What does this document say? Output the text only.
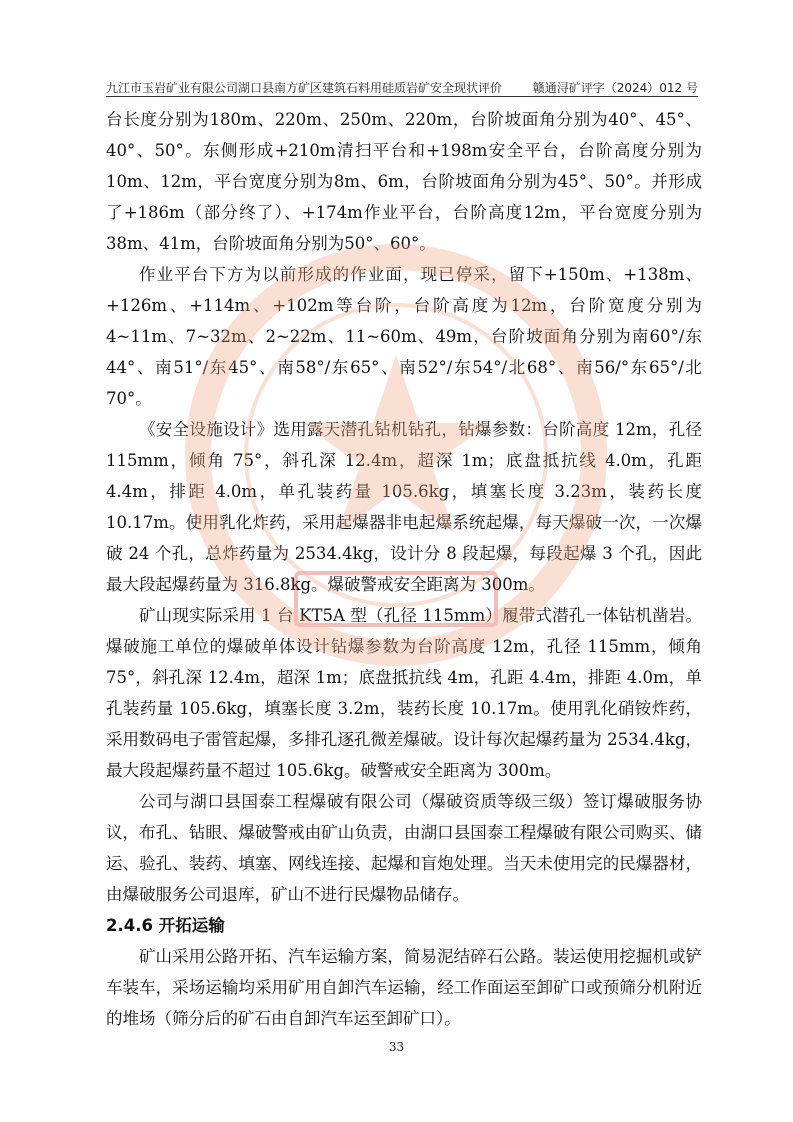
九江市玉岩矿业有限公司湖口县南方矿区建筑石料用硅质岩矿安全现状评价	赣通浔矿评字（2024）012 号

台长度分别为180m、220m、250m、220m，台阶坡面角分别为40°、45°、40°、50°。东侧形成+210m清扫平台和+198m安全平台，台阶高度分别为10m、12m，平台宽度分别为8m、6m，台阶坡面角分别为45°、50°。并形成了+186m（部分终了）、+174m作业平台，台阶高度12m，平台宽度分别为38m、41m，台阶坡面角分别为50°、60°。

作业平台下方为以前形成的作业面，现已停采，留下+150m、+138m、+126m、+114m、+102m等台阶，台阶高度为12m，台阶宽度分别为4~11m、7~32m、2~22m、11~60m、49m，台阶坡面角分别为南60°/东44°、南51°/东45°、南58°/东65°、南52°/东54°/北68°、南56/°东65°/北70°。

《安全设施设计》选用露天潜孔钻机钻孔，钻爆参数：台阶高度 12m，孔径 115mm，倾角 75°，斜孔深 12.4m，超深 1m；底盘抵抗线 4.0m，孔距 4.4m，排距 4.0m，单孔装药量 105.6kg，填塞长度 3.23m，装药长度 10.17m。使用乳化炸药，采用起爆器非电起爆系统起爆，每天爆破一次，一次爆破 24 个孔，总炸药量为 2534.4kg，设计分 8 段起爆，每段起爆 3 个孔，因此最大段起爆药量为 316.8kg。爆破警戒安全距离为 300m。

矿山现实际采用 1 台 KT5A 型（孔径 115mm）履带式潜孔一体钻机凿岩。爆破施工单位的爆破单体设计钻爆参数为台阶高度 12m，孔径 115mm，倾角 75°，斜孔深 12.4m，超深 1m；底盘抵抗线 4m，孔距 4.4m，排距 4.0m，单孔装药量 105.6kg，填塞长度 3.2m，装药长度 10.17m。使用乳化硝铵炸药，采用数码电子雷管起爆，多排孔逐孔微差爆破。设计每次起爆药量为 2534.4kg，最大段起爆药量不超过 105.6kg。破警戒安全距离为 300m。

公司与湖口县国泰工程爆破有限公司（爆破资质等级三级）签订爆破服务协议，布孔、钻眼、爆破警戒由矿山负责，由湖口县国泰工程爆破有限公司购买、储运、验孔、装药、填塞、网线连接、起爆和盲炮处理。当天未使用完的民爆器材，由爆破服务公司退库，矿山不进行民爆物品储存。

2.4.6 开拓运输

矿山采用公路开拓、汽车运输方案，简易泥结碎石公路。装运使用挖掘机或铲车装车，采场运输均采用矿用自卸汽车运输，经工作面运至卸矿口或预筛分机附近的堆场（筛分后的矿石由自卸汽车运至卸矿口）。

33
